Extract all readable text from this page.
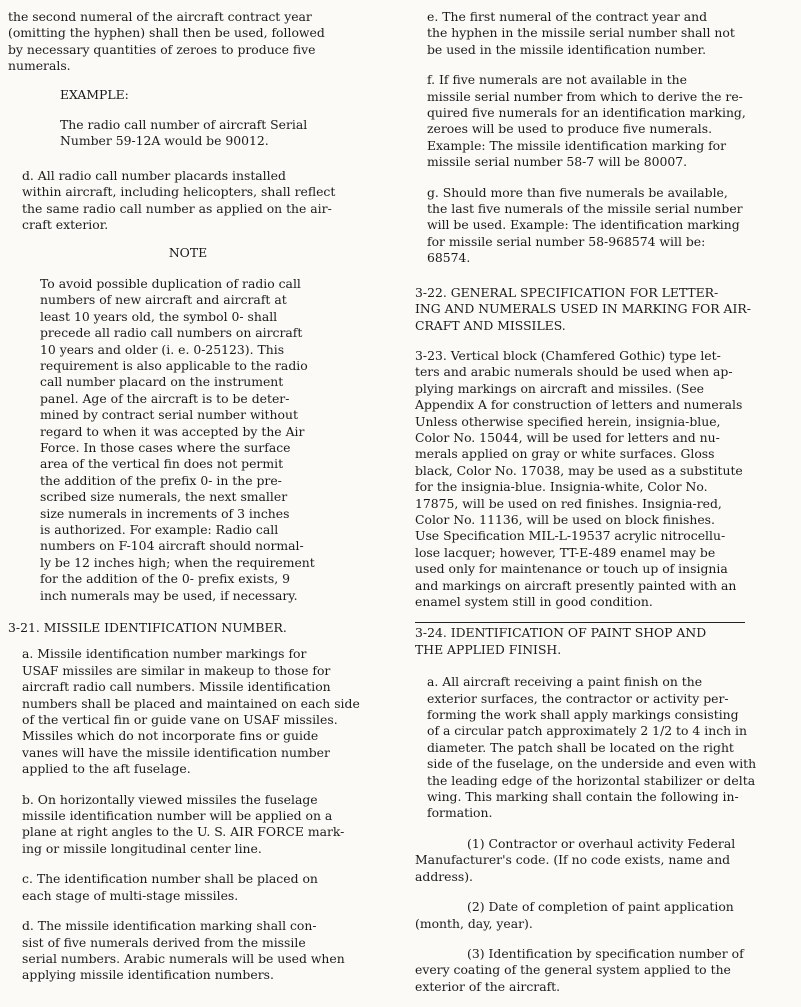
the second numeral of the aircraft contract year
(omitting the hyphen) shall then be used, followed
by necessary quantities of zeroes to produce five
numerals.

EXAMPLE:

The radio call number of aircraft Serial
Number 59-12A would be 90012.

d. All radio call number placards installed
within aircraft, including helicopters, shall reflect
the same radio call number as applied on the air-
craft exterior.

NOTE

To avoid possible duplication of radio call
numbers of new aircraft and aircraft at
least 10 years old, the symbol 0- shall
precede all radio call numbers on aircraft
10 years and older (i. e. 0-25123). This
requirement is also applicable to the radio
call number placard on the instrument
panel. Age of the aircraft is to be deter-
mined by contract serial number without
regard to when it was accepted by the Air
Force. In those cases where the surface
area of the vertical fin does not permit
the addition of the prefix 0- in the pre-
scribed size numerals, the next smaller
size numerals in increments of 3 inches
is authorized. For example: Radio call
numbers on F-104 aircraft should normal-
ly be 12 inches high; when the requirement
for the addition of the 0- prefix exists, 9
inch numerals may be used, if necessary.

3-21. MISSILE IDENTIFICATION NUMBER.

a. Missile identification number markings for
USAF missiles are similar in makeup to those for
aircraft radio call numbers. Missile identification
numbers shall be placed and maintained on each side
of the vertical fin or guide vane on USAF missiles.
Missiles which do not incorporate fins or guide
vanes will have the missile identification number
applied to the aft fuselage.

b. On horizontally viewed missiles the fuselage
missile identification number will be applied on a
plane at right angles to the U. S. AIR FORCE mark-
ing or missile longitudinal center line.

c. The identification number shall be placed on
each stage of multi-stage missiles.

d. The missile identification marking shall con-
sist of five numerals derived from the missile
serial numbers. Arabic numerals will be used when
applying missile identification numbers.

e. The first numeral of the contract year and
the hyphen in the missile serial number shall not
be used in the missile identification number.

f. If five numerals are not available in the
missile serial number from which to derive the re-
quired five numerals for an identification marking,
zeroes will be used to produce five numerals.
Example: The missile identification marking for
missile serial number 58-7 will be 80007.

g. Should more than five numerals be available,
the last five numerals of the missile serial number
will be used. Example: The identification marking
for missile serial number 58-968574 will be:
68574.

3-22. GENERAL SPECIFICATION FOR LETTER-
ING AND NUMERALS USED IN MARKING FOR AIR-
CRAFT AND MISSILES.

3-23. Vertical block (Chamfered Gothic) type let-
ters and arabic numerals should be used when ap-
plying markings on aircraft and missiles. (See
Appendix A for construction of letters and numerals
Unless otherwise specified herein, insignia-blue,
Color No. 15044, will be used for letters and nu-
merals applied on gray or white surfaces. Gloss
black, Color No. 17038, may be used as a substitute
for the insignia-blue. Insignia-white, Color No.
17875, will be used on red finishes. Insignia-red,
Color No. 11136, will be used on block finishes.
Use Specification MIL-L-19537 acrylic nitrocellu-
lose lacquer; however, TT-E-489 enamel may be
used only for maintenance or touch up of insignia
and markings on aircraft presently painted with an
enamel system still in good condition.

3-24. IDENTIFICATION OF PAINT SHOP AND
THE APPLIED FINISH.

a. All aircraft receiving a paint finish on the
exterior surfaces, the contractor or activity per-
forming the work shall apply markings consisting
of a circular patch approximately 2 1/2 to 4 inch in
diameter. The patch shall be located on the right
side of the fuselage, on the underside and even with
the leading edge of the horizontal stabilizer or delta
wing. This marking shall contain the following in-
formation.

(1) Contractor or overhaul activity Federal
Manufacturer's code. (If no code exists, name and
address).

(2) Date of completion of paint application
(month, day, year).

(3) Identification by specification number of
every coating of the general system applied to the
exterior of the aircraft.
